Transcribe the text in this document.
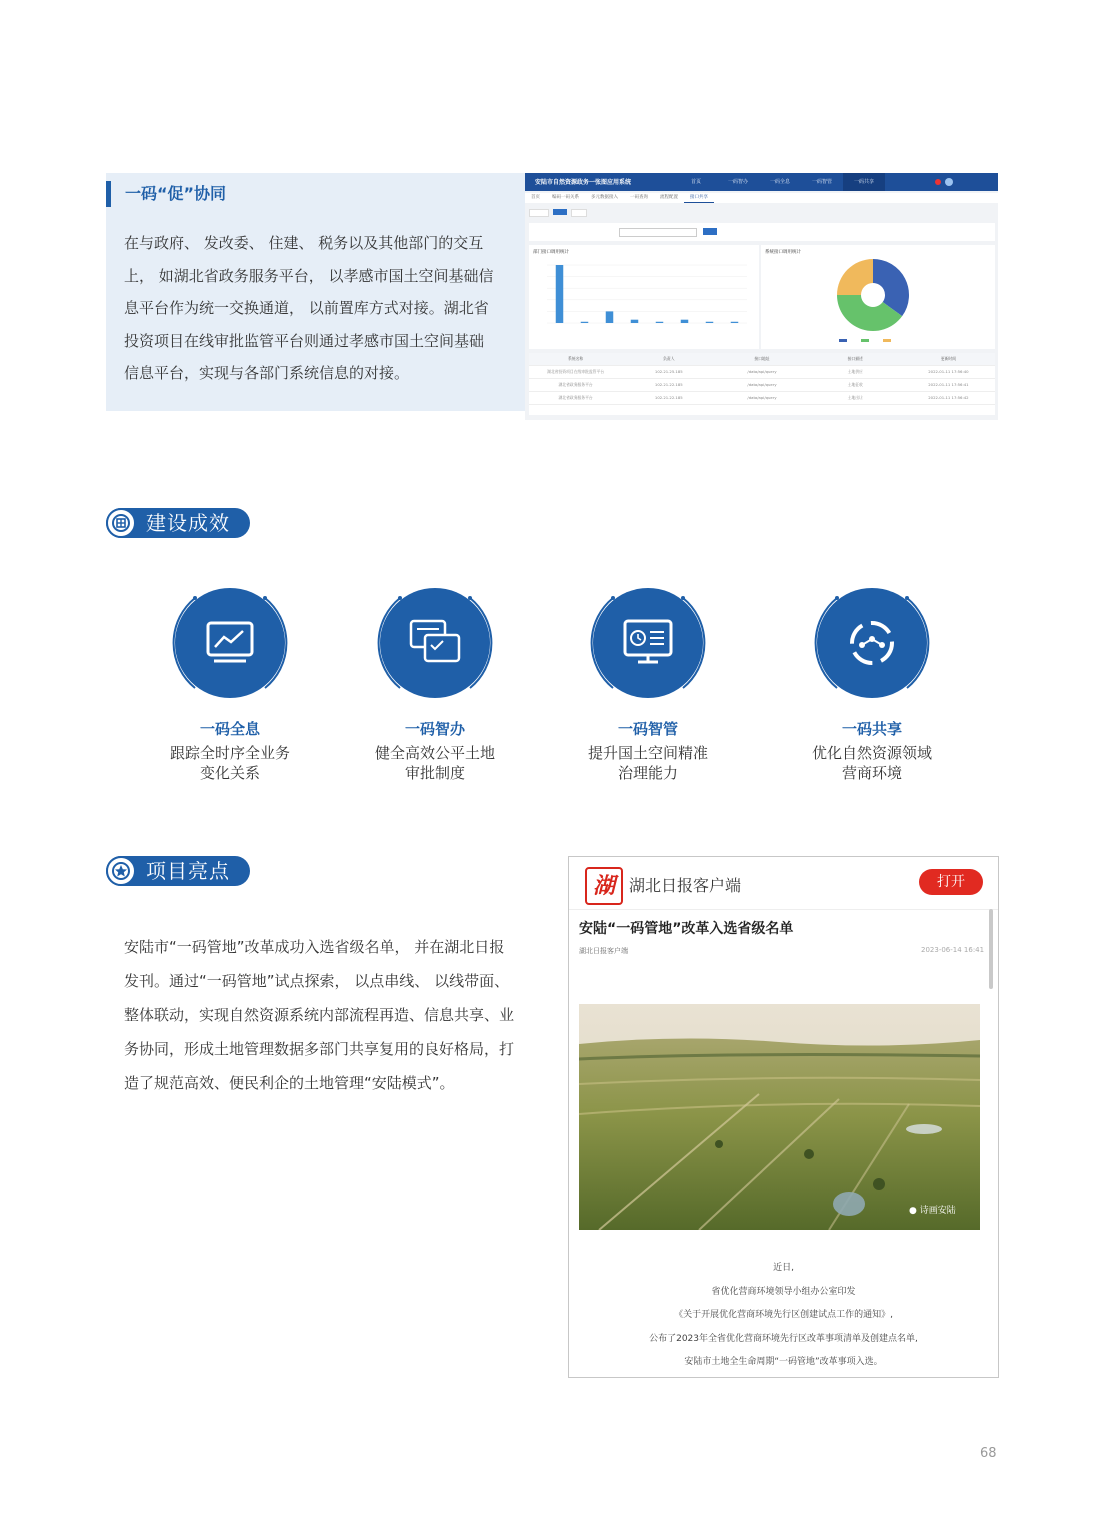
一码“促”协同
在与政府、 发改委、 住建、 税务以及其他部门的交互
上， 如湖北省政务服务平台， 以孝感市国土空间基础信
息平台作为统一交换通道， 以前置库方式对接。湖北省
投资项目在线审批监管平台则通过孝感市国土空间基础
信息平台，实现与各部门系统信息的对接。
安陆市自然资源政务一张图应用系统	首页	一码智办	一码全息	一码智管	一码共享
首页	编码一码关系	多元数据接入	一码查询	流程配置	接口共享
部门接口调用统计	系统接口调用统计
系统名称	负责人	接口地址	接口描述	更新时间
湖北省投资项目在线审批监管平台	102.21.25.185	/data/api/query	土地供应	2022-01-11 17:56:40
湖北省政务服务平台	102.21.22.185	/data/api/query	土地征收	2022-01-11 17:56:41
湖北省政务服务平台	102.21.22.185	/data/api/query	土地出让	2022-01-11 17:56:42
建设成效
一码全息
跟踪全时序全业务
变化关系
一码智办
健全高效公平土地
审批制度
一码智管
提升国土空间精准
治理能力
一码共享
优化自然资源领域
营商环境
项目亮点
安陆市“一码管地”改革成功入选省级名单， 并在湖北日报
发刊。通过“一码管地”试点探索， 以点串线、 以线带面、
整体联动，实现自然资源系统内部流程再造、信息共享、业
务协同，形成土地管理数据多部门共享复用的良好格局，打
造了规范高效、便民利企的土地管理“安陆模式”。
湖 湖北日报客户端	打开
安陆“一码管地”改革入选省级名单
湖北日报客户端	2023-06-14 16:41
● 诗画安陆
近日,
省优化营商环境领导小组办公室印发
《关于开展优化营商环境先行区创建试点工作的通知》,
公布了2023年全省优化营商环境先行区改革事项清单及创建点名单,
安陆市土地全生命周期“一码管地”改革事项入选。
68
